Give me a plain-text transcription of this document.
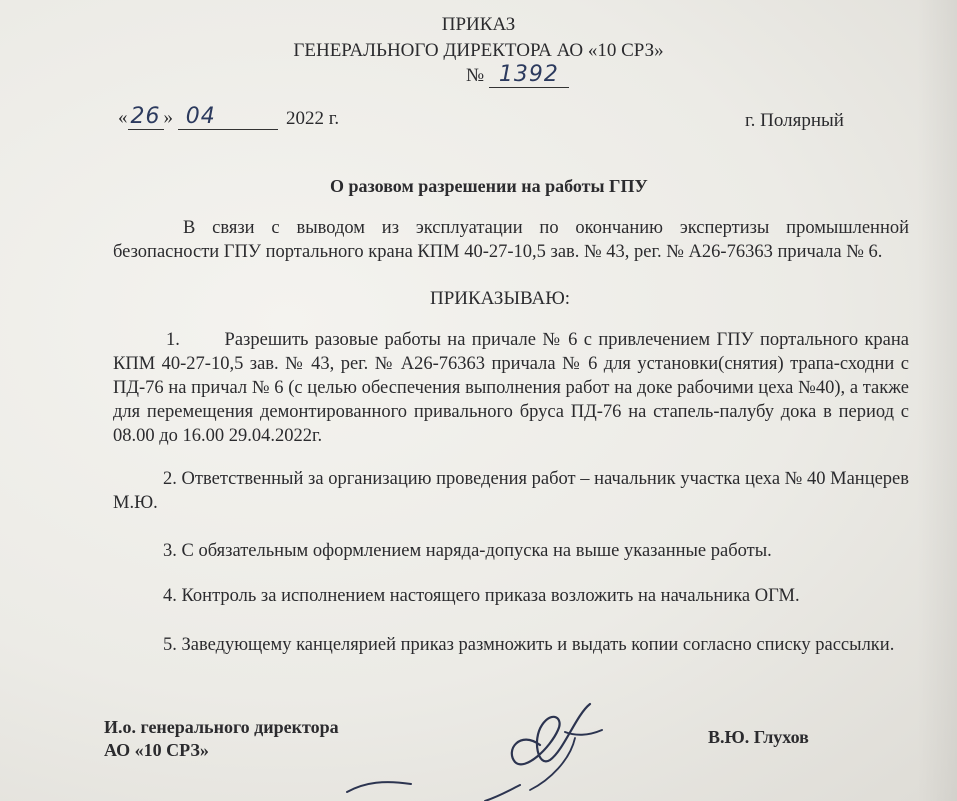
ПРИКАЗ
ГЕНЕРАЛЬНОГО ДИРЕКТОРА АО «10 СРЗ»
№ 1392
« 26 » 04	2022 г.	г. Полярный
О разовом разрешении на работы ГПУ
В связи с выводом из эксплуатации по окончанию экспертизы промышленной безопасности ГПУ портального крана КПМ 40-27-10,5 зав. № 43, рег. № А26-76363 причала № 6.
ПРИКАЗЫВАЮ:
1. Разрешить разовые работы на причале № 6 с привлечением ГПУ портального крана КПМ 40-27-10,5 зав. № 43, рег. № А26-76363 причала № 6 для установки(снятия) трапа-сходни с ПД-76 на причал № 6 (с целью обеспечения выполнения работ на доке рабочими цеха №40), а также для перемещения демонтированного привального бруса ПД-76 на стапель-палубу дока в период с 08.00 до 16.00 29.04.2022г.
2. Ответственный за организацию проведения работ – начальник участка цеха № 40 Манцерев М.Ю.
3. С обязательным оформлением наряда-допуска на выше указанные работы.
4. Контроль за исполнением настоящего приказа возложить на начальника ОГМ.
5. Заведующему канцелярией приказ размножить и выдать копии согласно списку рассылки.
И.о. генерального директора
АО «10 СРЗ»
В.Ю. Глухов
